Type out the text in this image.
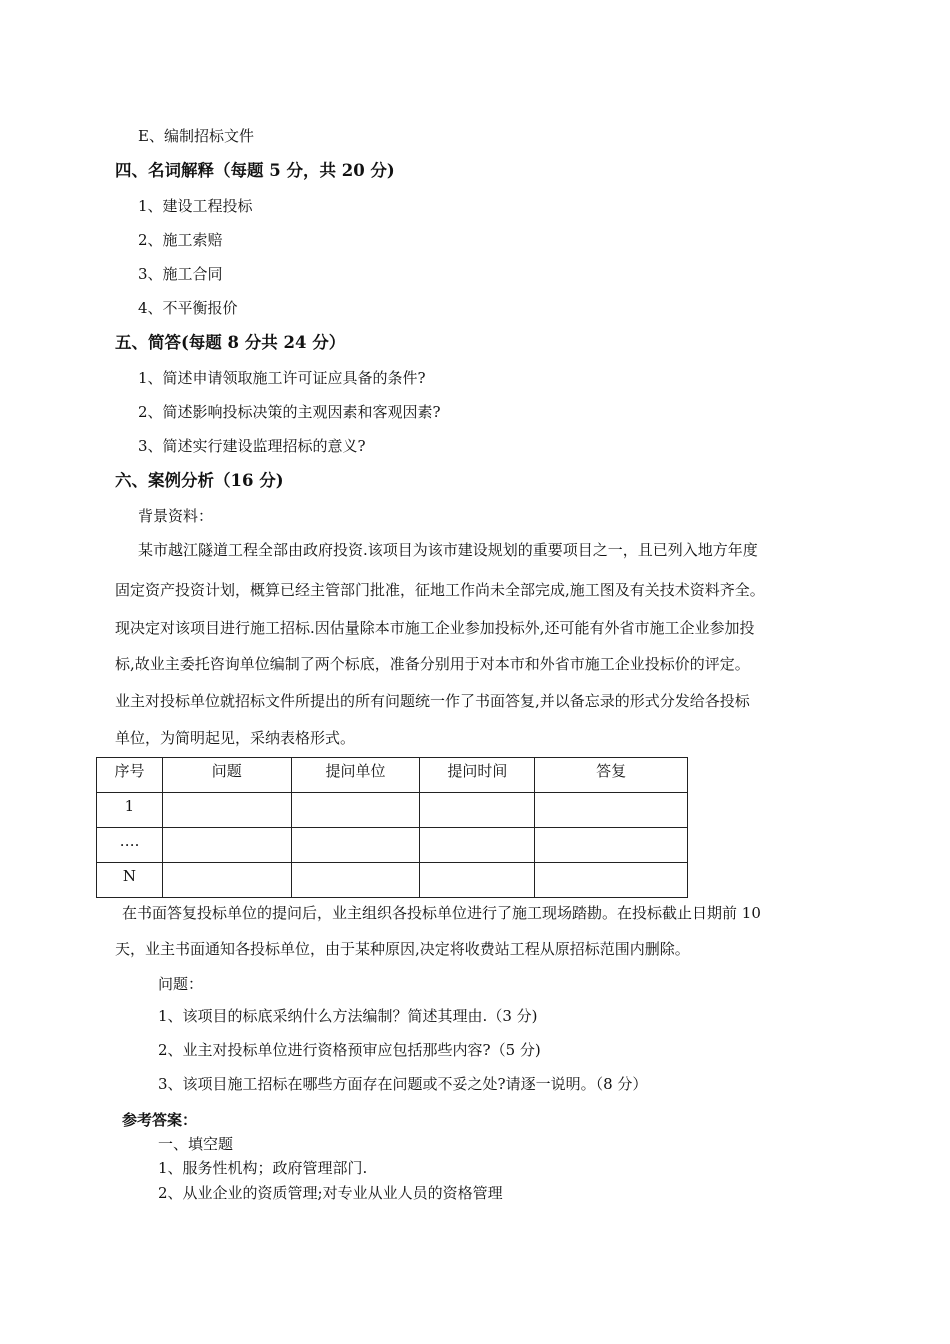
E、编制招标文件
四、名词解释（每题 5 分，共 20 分)
1、建设工程投标
2、施工索赔
3、施工合同
4、不平衡报价
五、简答(每题 8 分共 24 分）
1、简述申请领取施工许可证应具备的条件?
2、简述影响投标决策的主观因素和客观因素?
3、简述实行建设监理招标的意义?
六、案例分析（16 分)
背景资料：
某市越江隧道工程全部由政府投资.该项目为该市建设规划的重要项目之一，且已列入地方年度
固定资产投资计划，概算已经主管部门批准，征地工作尚未全部完成,施工图及有关技术资料齐全。
现决定对该项目进行施工招标.因估量除本市施工企业参加投标外,还可能有外省市施工企业参加投
标,故业主委托咨询单位编制了两个标底，准备分别用于对本市和外省市施工企业投标价的评定。
业主对投标单位就招标文件所提出的所有问题统一作了书面答复,并以备忘录的形式分发给各投标
单位，为简明起见，采纳表格形式。
序号	问题	提问单位	提问时间	答复
1				
….				
N				
在书面答复投标单位的提问后，业主组织各投标单位进行了施工现场踏勘。在投标截止日期前 10
天，业主书面通知各投标单位，由于某种原因,决定将收费站工程从原招标范围内删除。
问题：
1、该项目的标底采纳什么方法编制？简述其理由.（3 分)
2、业主对投标单位进行资格预审应包括那些内容?（5 分)
3、该项目施工招标在哪些方面存在问题或不妥之处?请逐一说明。（8 分）
参考答案：
一、填空题
1、服务性机构；政府管理部门.
2、从业企业的资质管理;对专业从业人员的资格管理
